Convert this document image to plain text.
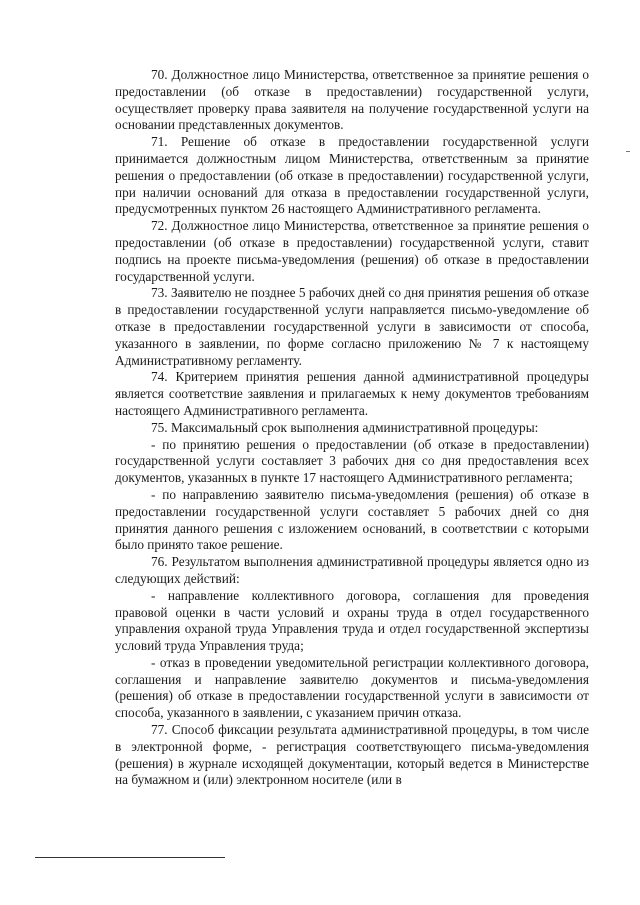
70. Должностное лицо Министерства, ответственное за принятие решения о предоставлении (об отказе в предоставлении) государственной услуги, осуществляет проверку права заявителя на получение государственной услуги на основании представленных документов.

71. Решение об отказе в предоставлении государственной услуги принимается должностным лицом Министерства, ответственным за принятие решения о предоставлении (об отказе в предоставлении) государственной услуги, при наличии оснований для отказа в предоставлении государственной услуги, предусмотренных пунктом 26 настоящего Административного регламента.

72. Должностное лицо Министерства, ответственное за принятие решения о предоставлении (об отказе в предоставлении) государственной услуги, ставит подпись на проекте письма-уведомления (решения) об отказе в предоставлении государственной услуги.

73. Заявителю не позднее 5 рабочих дней со дня принятия решения об отказе в предоставлении государственной услуги направляется письмо-уведомление об отказе в предоставлении государственной услуги в зависимости от способа, указанного в заявлении, по форме согласно приложению № 7 к настоящему Административному регламенту.

74. Критерием принятия решения данной административной процедуры является соответствие заявления и прилагаемых к нему документов требованиям настоящего Административного регламента.

75. Максимальный срок выполнения административной процедуры:

- по принятию решения о предоставлении (об отказе в предоставлении) государственной услуги составляет 3 рабочих дня со дня предоставления всех документов, указанных в пункте 17 настоящего Административного регламента;

- по направлению заявителю письма-уведомления (решения) об отказе в предоставлении государственной услуги составляет 5 рабочих дней со дня принятия данного решения с изложением оснований, в соответствии с которыми было принято такое решение.

76. Результатом выполнения административной процедуры является одно из следующих действий:

- направление коллективного договора, соглашения для проведения правовой оценки в части условий и охраны труда в отдел государственного управления охраной труда Управления труда и отдел государственной экспертизы условий труда Управления труда;

- отказ в проведении уведомительной регистрации коллективного договора, соглашения и направление заявителю документов и письма-уведомления (решения) об отказе в предоставлении государственной услуги в зависимости от способа, указанного в заявлении, с указанием причин отказа.

77. Способ фиксации результата административной процедуры, в том числе в электронной форме, - регистрация соответствующего письма-уведомления (решения) в журнале исходящей документации, который ведется в Министерстве на бумажном и (или) электронном носителе (или в
